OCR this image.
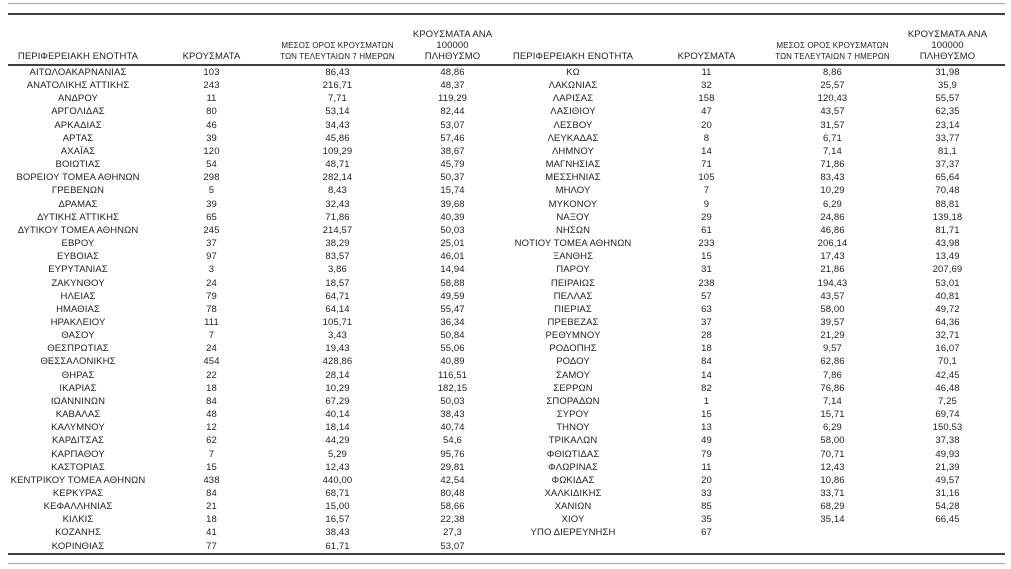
ΠΕΡΙΦΕΡΕΙΑΚΗ ΕΝΟΤΗΤΑ	ΚΡΟΥΣΜΑΤΑ
ΜΕΣΟΣ ΟΡΟΣ ΚΡΟΥΣΜΑΤΩΝ
ΤΩΝ ΤΕΛΕΥΤΑΙΩΝ 7 ΗΜΕΡΩΝ
ΚΡΟΥΣΜΑΤΑ ΑΝΑ 100000
ΠΛΗΘΥΣΜΟ
ΑΙΤΩΛΟΑΚΑΡΝΑΝΙΑΣ	103	86,43	48,86
ΑΝΑΤΟΛΙΚΗΣ ΑΤΤΙΚΗΣ	243	216,71	48,37
ΑΝΔΡΟΥ	11	7,71	119,29
ΑΡΓΟΛΙΔΑΣ	80	53,14	82,44
ΑΡΚΑΔΙΑΣ	46	34,43	53,07
ΑΡΤΑΣ	39	45,86	57,46
ΑΧΑΪΑΣ	120	109,29	38,67
ΒΟΙΩΤΙΑΣ	54	48,71	45,79
ΒΟΡΕΙΟΥ ΤΟΜΕΑ ΑΘΗΝΩΝ	298	282,14	50,37
ΓΡΕΒΕΝΩΝ	5	8,43	15,74
ΔΡΑΜΑΣ	39	32,43	39,68
ΔΥΤΙΚΗΣ ΑΤΤΙΚΗΣ	65	71,86	40,39
ΔΥΤΙΚΟΥ ΤΟΜΕΑ ΑΘΗΝΩΝ	245	214,57	50,03
ΕΒΡΟΥ	37	38,29	25,01
ΕΥΒΟΙΑΣ	97	83,57	46,01
ΕΥΡΥΤΑΝΙΑΣ	3	3,86	14,94
ΖΑΚΥΝΘΟΥ	24	18,57	58,88
ΗΛΕΙΑΣ	79	64,71	49,59
ΗΜΑΘΙΑΣ	78	64,14	55,47
ΗΡΑΚΛΕΙΟΥ	111	105,71	36,34
ΘΑΣΟΥ	7	3,43	50,84
ΘΕΣΠΡΩΤΙΑΣ	24	19,43	55,06
ΘΕΣΣΑΛΟΝΙΚΗΣ	454	428,86	40,89
ΘΗΡΑΣ	22	28,14	116,51
ΙΚΑΡΙΑΣ	18	10,29	182,15
ΙΩΑΝΝΙΝΩΝ	84	67,29	50,03
ΚΑΒΑΛΑΣ	48	40,14	38,43
ΚΑΛΥΜΝΟΥ	12	18,14	40,74
ΚΑΡΔΙΤΣΑΣ	62	44,29	54,6
ΚΑΡΠΑΘΟΥ	7	5,29	95,76
ΚΑΣΤΟΡΙΑΣ	15	12,43	29,81
ΚΕΝΤΡΙΚΟΥ ΤΟΜΕΑ ΑΘΗΝΩΝ	438	440,00	42,54
ΚΕΡΚΥΡΑΣ	84	68,71	80,48
ΚΕΦΑΛΛΗΝΙΑΣ	21	15,00	58,66
ΚΙΛΚΙΣ	18	16,57	22,38
ΚΟΖΑΝΗΣ	41	38,43	27,3
ΚΟΡΙΝΘΙΑΣ	77	61,71	53,07
ΠΕΡΙΦΕΡΕΙΑΚΗ ΕΝΟΤΗΤΑ	ΚΡΟΥΣΜΑΤΑ
ΜΕΣΟΣ ΟΡΟΣ ΚΡΟΥΣΜΑΤΩΝ
ΤΩΝ ΤΕΛΕΥΤΑΙΩΝ 7 ΗΜΕΡΩΝ
ΚΡΟΥΣΜΑΤΑ ΑΝΑ 100000
ΠΛΗΘΥΣΜΟ
ΚΩ	11	8,86	31,98
ΛΑΚΩΝΙΑΣ	32	25,57	35,9
ΛΑΡΙΣΑΣ	158	120,43	55,57
ΛΑΣΙΘΙΟΥ	47	43,57	62,35
ΛΕΣΒΟΥ	20	31,57	23,14
ΛΕΥΚΑΔΑΣ	8	6,71	33,77
ΛΗΜΝΟΥ	14	7,14	81,1
ΜΑΓΝΗΣΙΑΣ	71	71,86	37,37
ΜΕΣΣΗΝΙΑΣ	105	83,43	65,64
ΜΗΛΟΥ	7	10,29	70,48
ΜΥΚΟΝΟΥ	9	6,29	88,81
ΝΑΞΟΥ	29	24,86	139,18
ΝΗΣΩΝ	61	46,86	81,71
ΝΟΤΙΟΥ ΤΟΜΕΑ ΑΘΗΝΩΝ	233	206,14	43,98
ΞΑΝΘΗΣ	15	17,43	13,49
ΠΑΡΟΥ	31	21,86	207,69
ΠΕΙΡΑΙΩΣ	238	194,43	53,01
ΠΕΛΛΑΣ	57	43,57	40,81
ΠΙΕΡΙΑΣ	63	58,00	49,72
ΠΡΕΒΕΖΑΣ	37	39,57	64,36
ΡΕΘΥΜΝΟΥ	28	21,29	32,71
ΡΟΔΟΠΗΣ	18	9,57	16,07
ΡΟΔΟΥ	84	62,86	70,1
ΣΑΜΟΥ	14	7,86	42,45
ΣΕΡΡΩΝ	82	76,86	46,48
ΣΠΟΡΑΔΩΝ	1	7,14	7,25
ΣΥΡΟΥ	15	15,71	69,74
ΤΗΝΟΥ	13	6,29	150,53
ΤΡΙΚΑΛΩΝ	49	58,00	37,38
ΦΘΙΩΤΙΔΑΣ	79	70,71	49,93
ΦΛΩΡΙΝΑΣ	11	12,43	21,39
ΦΩΚΙΔΑΣ	20	10,86	49,57
ΧΑΛΚΙΔΙΚΗΣ	33	33,71	31,16
ΧΑΝΙΩΝ	85	68,29	54,28
ΧΙΟΥ	35	35,14	66,45
ΥΠΟ ΔΙΕΡΕΥΝΗΣΗ	67
